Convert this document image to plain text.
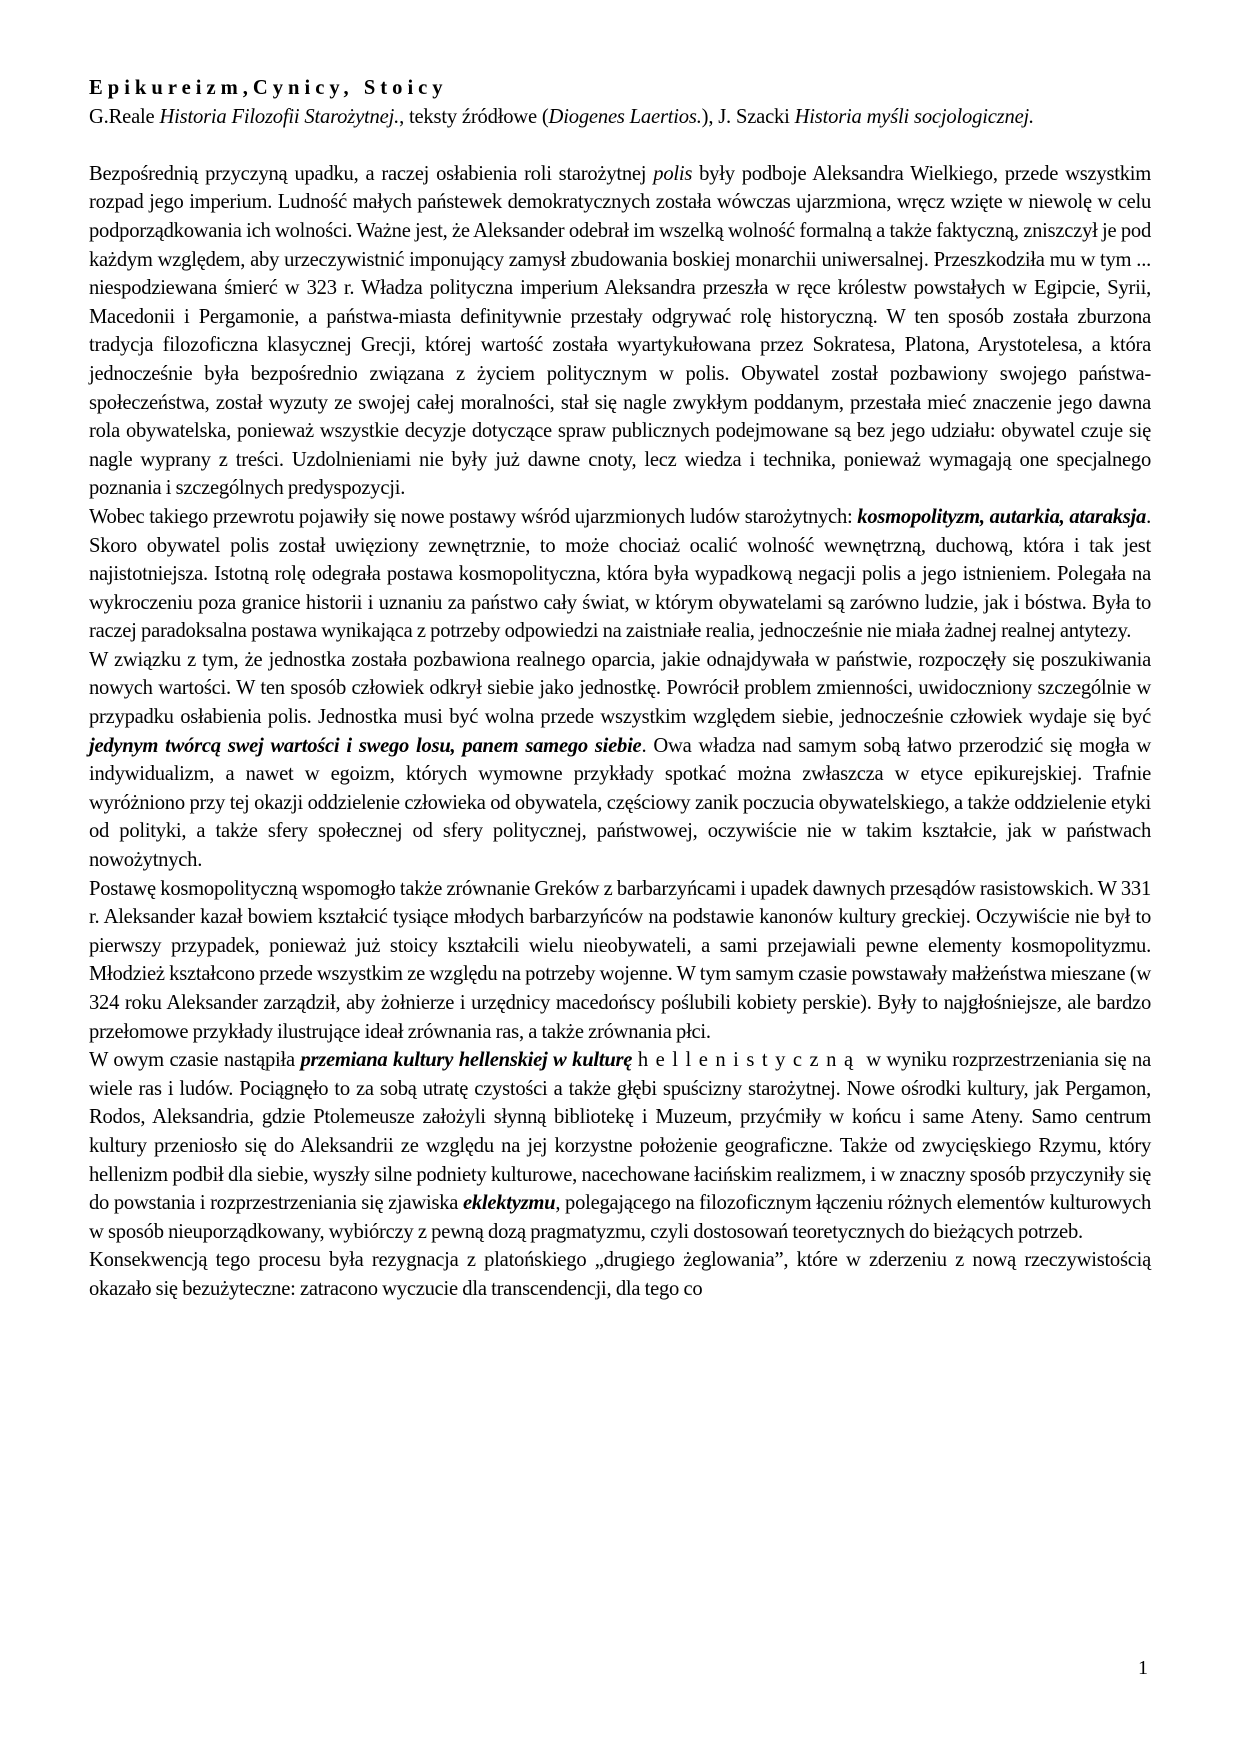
Epikureizm,Cynicy, Stoicy

G.Reale Historia Filozofii Starożytnej., teksty źródłowe (Diogenes Laertios.), J. Szacki Historia myśli socjologicznej.

Bezpośrednią przyczyną upadku, a raczej osłabienia roli starożytnej polis były podboje Aleksandra Wielkiego, przede wszystkim rozpad jego imperium. Ludność małych państewek demokratycznych została wówczas ujarzmiona, wręcz wzięte w niewolę w celu podporządkowania ich wolności. Ważne jest, że Aleksander odebrał im wszelką wolność formalną a także faktyczną, zniszczył je pod każdym względem, aby urzeczywistnić imponujący zamysł zbudowania boskiej monarchii uniwersalnej. Przeszkodziła mu w tym ... niespodziewana śmierć w 323 r. Władza polityczna imperium Aleksandra przeszła w ręce królestw powstałych w Egipcie, Syrii, Macedonii i Pergamonie, a państwa-miasta definitywnie przestały odgrywać rolę historyczną. W ten sposób została zburzona tradycja filozoficzna klasycznej Grecji, której wartość została wyartykułowana przez Sokratesa, Platona, Arystotelesa, a która jednocześnie była bezpośrednio związana z życiem politycznym w polis. Obywatel został pozbawiony swojego państwa-społeczeństwa, został wyzuty ze swojej całej moralności, stał się nagle zwykłym poddanym, przestała mieć znaczenie jego dawna rola obywatelska, ponieważ wszystkie decyzje dotyczące spraw publicznych podejmowane są bez jego udziału: obywatel czuje się nagle wyprany z treści. Uzdolnieniami nie były już dawne cnoty, lecz wiedza i technika, ponieważ wymagają one specjalnego poznania i szczególnych predyspozycji.

Wobec takiego przewrotu pojawiły się nowe postawy wśród ujarzmionych ludów starożytnych: kosmopolityzm, autarkia, ataraksja. Skoro obywatel polis został uwięziony zewnętrznie, to może chociaż ocalić wolność wewnętrzną, duchową, która i tak jest najistotniejsza. Istotną rolę odegrała postawa kosmopolityczna, która była wypadkową negacji polis a jego istnieniem. Polegała na wykroczeniu poza granice historii i uznaniu za państwo cały świat, w którym obywatelami są zarówno ludzie, jak i bóstwa. Była to raczej paradoksalna postawa wynikająca z potrzeby odpowiedzi na zaistniałe realia, jednocześnie nie miała żadnej realnej antytezy.

W związku z tym, że jednostka została pozbawiona realnego oparcia, jakie odnajdywała w państwie, rozpoczęły się poszukiwania nowych wartości. W ten sposób człowiek odkrył siebie jako jednostkę. Powrócił problem zmienności, uwidoczniony szczególnie w przypadku osłabienia polis. Jednostka musi być wolna przede wszystkim względem siebie, jednocześnie człowiek wydaje się być jedynym twórcą swej wartości i swego losu, panem samego siebie. Owa władza nad samym sobą łatwo przerodzić się mogła w indywidualizm, a nawet w egoizm, których wymowne przykłady spotkać można zwłaszcza w etyce epikurejskiej. Trafnie wyróżniono przy tej okazji oddzielenie człowieka od obywatela, częściowy zanik poczucia obywatelskiego, a także oddzielenie etyki od polityki, a także sfery społecznej od sfery politycznej, państwowej, oczywiście nie w takim kształcie, jak w państwach nowożytnych.

Postawę kosmopolityczną wspomogło także zrównanie Greków z barbarzyńcami i upadek dawnych przesądów rasistowskich. W 331 r. Aleksander kazał bowiem kształcić tysiące młodych barbarzyńców na podstawie kanonów kultury greckiej. Oczywiście nie był to pierwszy przypadek, ponieważ już stoicy kształcili wielu nieobywateli, a sami przejawiali pewne elementy kosmopolityzmu. Młodzież kształcono przede wszystkim ze względu na potrzeby wojenne. W tym samym czasie powstawały małżeństwa mieszane (w 324 roku Aleksander zarządził, aby żołnierze i urzędnicy macedońscy poślubili kobiety perskie). Były to najgłośniejsze, ale bardzo przełomowe przykłady ilustrujące ideał zrównania ras, a także zrównania płci.

W owym czasie nastąpiła przemiana kultury hellenskiej w kulturę hellenistyczną w wyniku rozprzestrzeniania się na wiele ras i ludów. Pociągnęło to za sobą utratę czystości a także głębi spuścizny starożytnej. Nowe ośrodki kultury, jak Pergamon, Rodos, Aleksandria, gdzie Ptolemeusze założyli słynną bibliotekę i Muzeum, przyćmiły w końcu i same Ateny. Samo centrum kultury przeniosło się do Aleksandrii ze względu na jej korzystne położenie geograficzne. Także od zwycięskiego Rzymu, który hellenizm podbił dla siebie, wyszły silne podniety kulturowe, nacechowane łacińskim realizmem, i w znaczny sposób przyczyniły się do powstania i rozprzestrzeniania się zjawiska eklektyzmu, polegającego na filozoficznym łączeniu różnych elementów kulturowych w sposób nieuporządkowany, wybiórczy z pewną dozą pragmatyzmu, czyli dostosowań teoretycznych do bieżących potrzeb.

Konsekwencją tego procesu była rezygnacja z platońskiego „drugiego żeglowania”, które w zderzeniu z nową rzeczywistością okazało się bezużyteczne: zatracono wyczucie dla transcendencji, dla tego co

1
